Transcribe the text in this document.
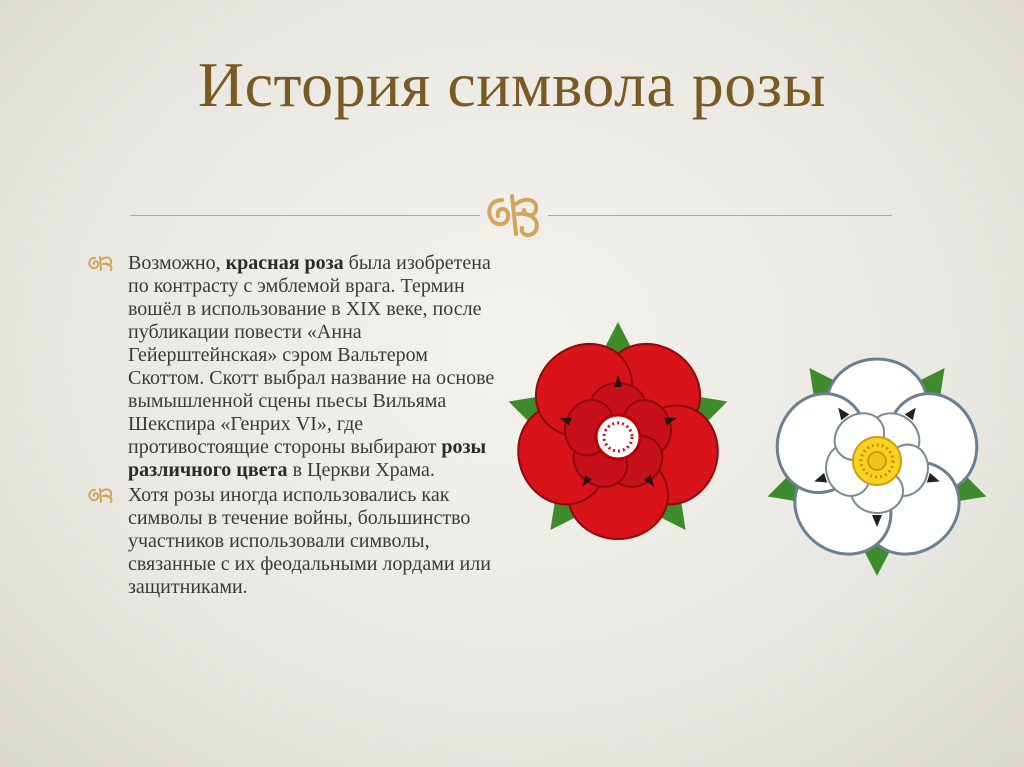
История символа розы
Возможно, красная роза была изобретена по контрасту с эмблемой врага. Термин вошёл в использование в XIX веке, после публикации повести «Анна Гейерштейнская» сэром Вальтером Скоттом. Скотт выбрал название на основе вымышленной сцены пьесы Вильяма Шекспира «Генрих VI», где противостоящие стороны выбирают розы различного цвета в Церкви Храма.
Хотя розы иногда использовались как символы в течение войны, большинство участников использовали символы, связанные с их феодальными лордами или защитниками.
